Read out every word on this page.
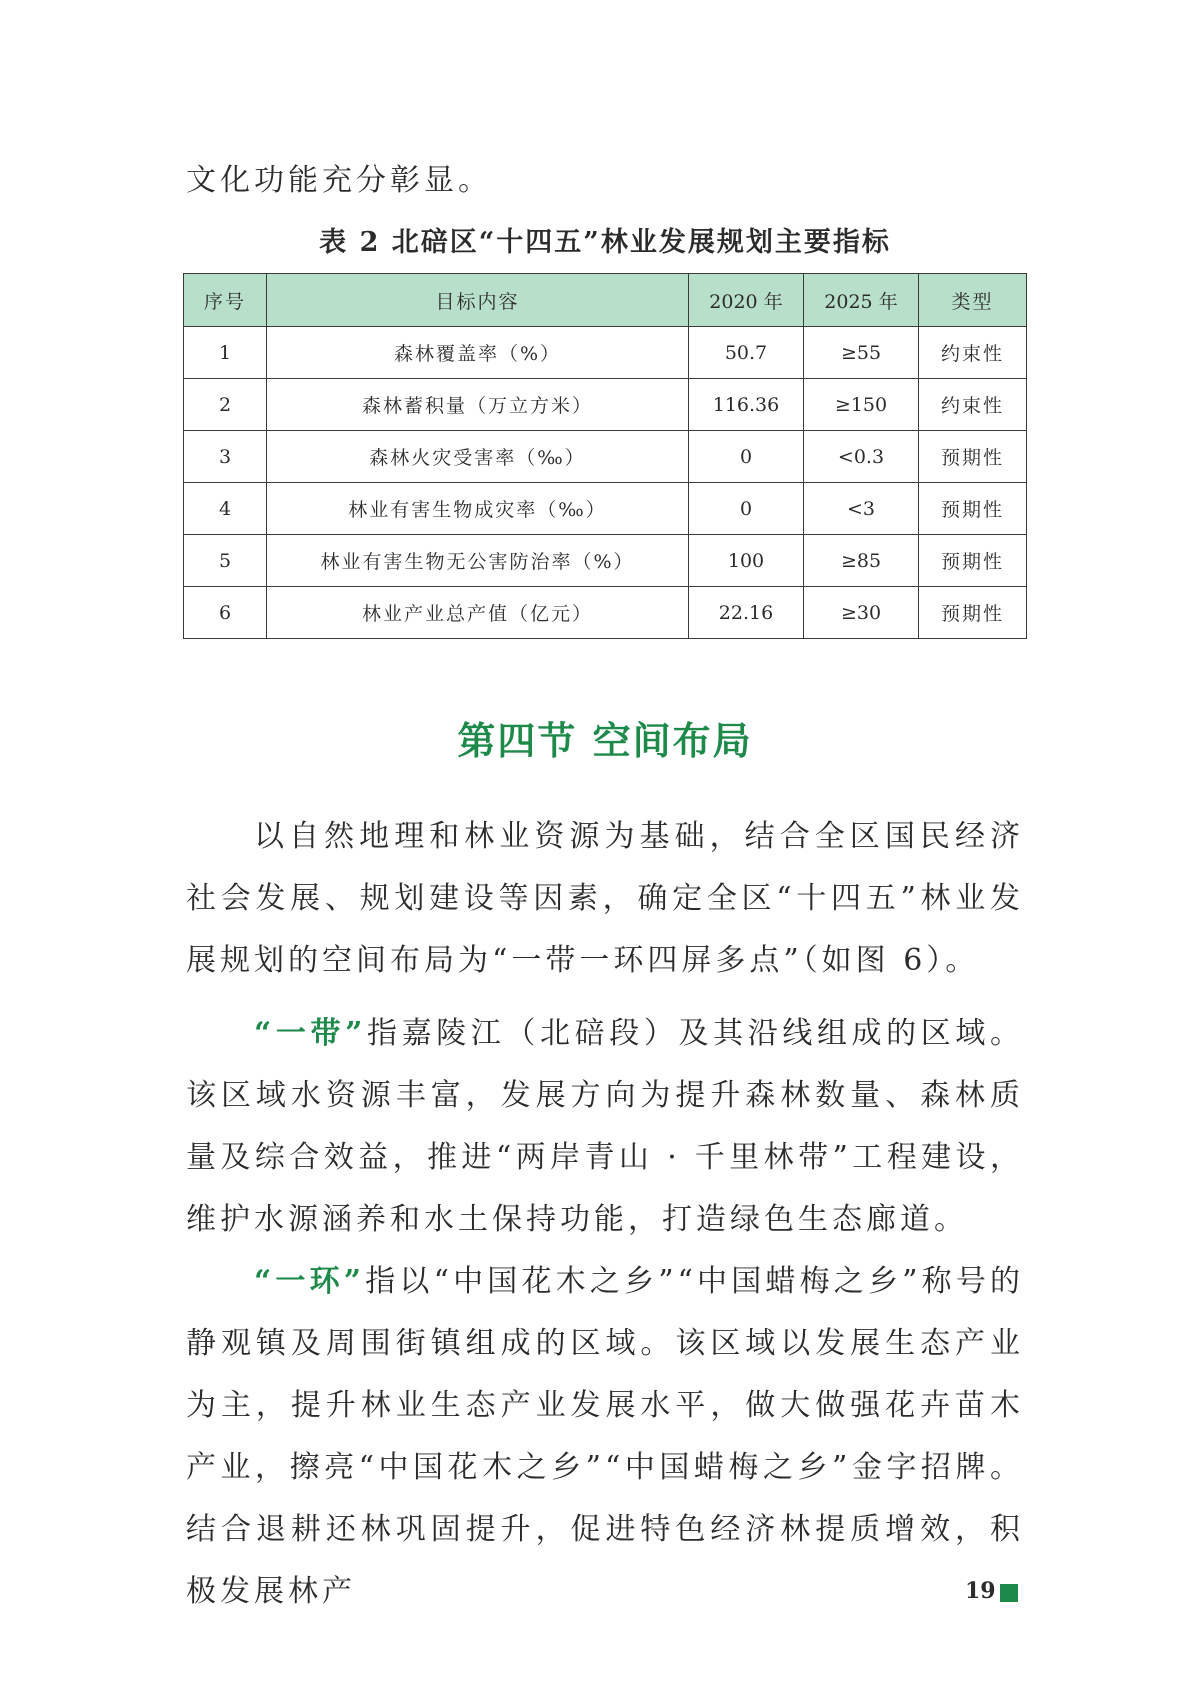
文化功能充分彰显。

表 2 北碚区“十四五”林业发展规划主要指标

序号	目标内容	2020 年	2025 年	类型
1	森林覆盖率（%）	50.7	≥55	约束性
2	森林蓄积量（万立方米）	116.36	≥150	约束性
3	森林火灾受害率（‰）	0	<0.3	预期性
4	林业有害生物成灾率（‰）	0	<3	预期性
5	林业有害生物无公害防治率（%）	100	≥85	预期性
6	林业产业总产值（亿元）	22.16	≥30	预期性
第四节 空间布局

以自然地理和林业资源为基础，结合全区国民经济社会发展、规划建设等因素，确定全区“十四五”林业发展规划的空间布局为“一带一环四屏多点”（如图 6）。

“一带”指嘉陵江（北碚段）及其沿线组成的区域。该区域水资源丰富，发展方向为提升森林数量、森林质量及综合效益，推进“两岸青山 · 千里林带”工程建设，维护水源涵养和水土保持功能，打造绿色生态廊道。

“一环”指以“中国花木之乡”“中国蜡梅之乡”称号的静观镇及周围街镇组成的区域。该区域以发展生态产业为主，提升林业生态产业发展水平，做大做强花卉苗木产业，擦亮“中国花木之乡”“中国蜡梅之乡”金字招牌。结合退耕还林巩固提升，促进特色经济林提质增效，积极发展林产	19
